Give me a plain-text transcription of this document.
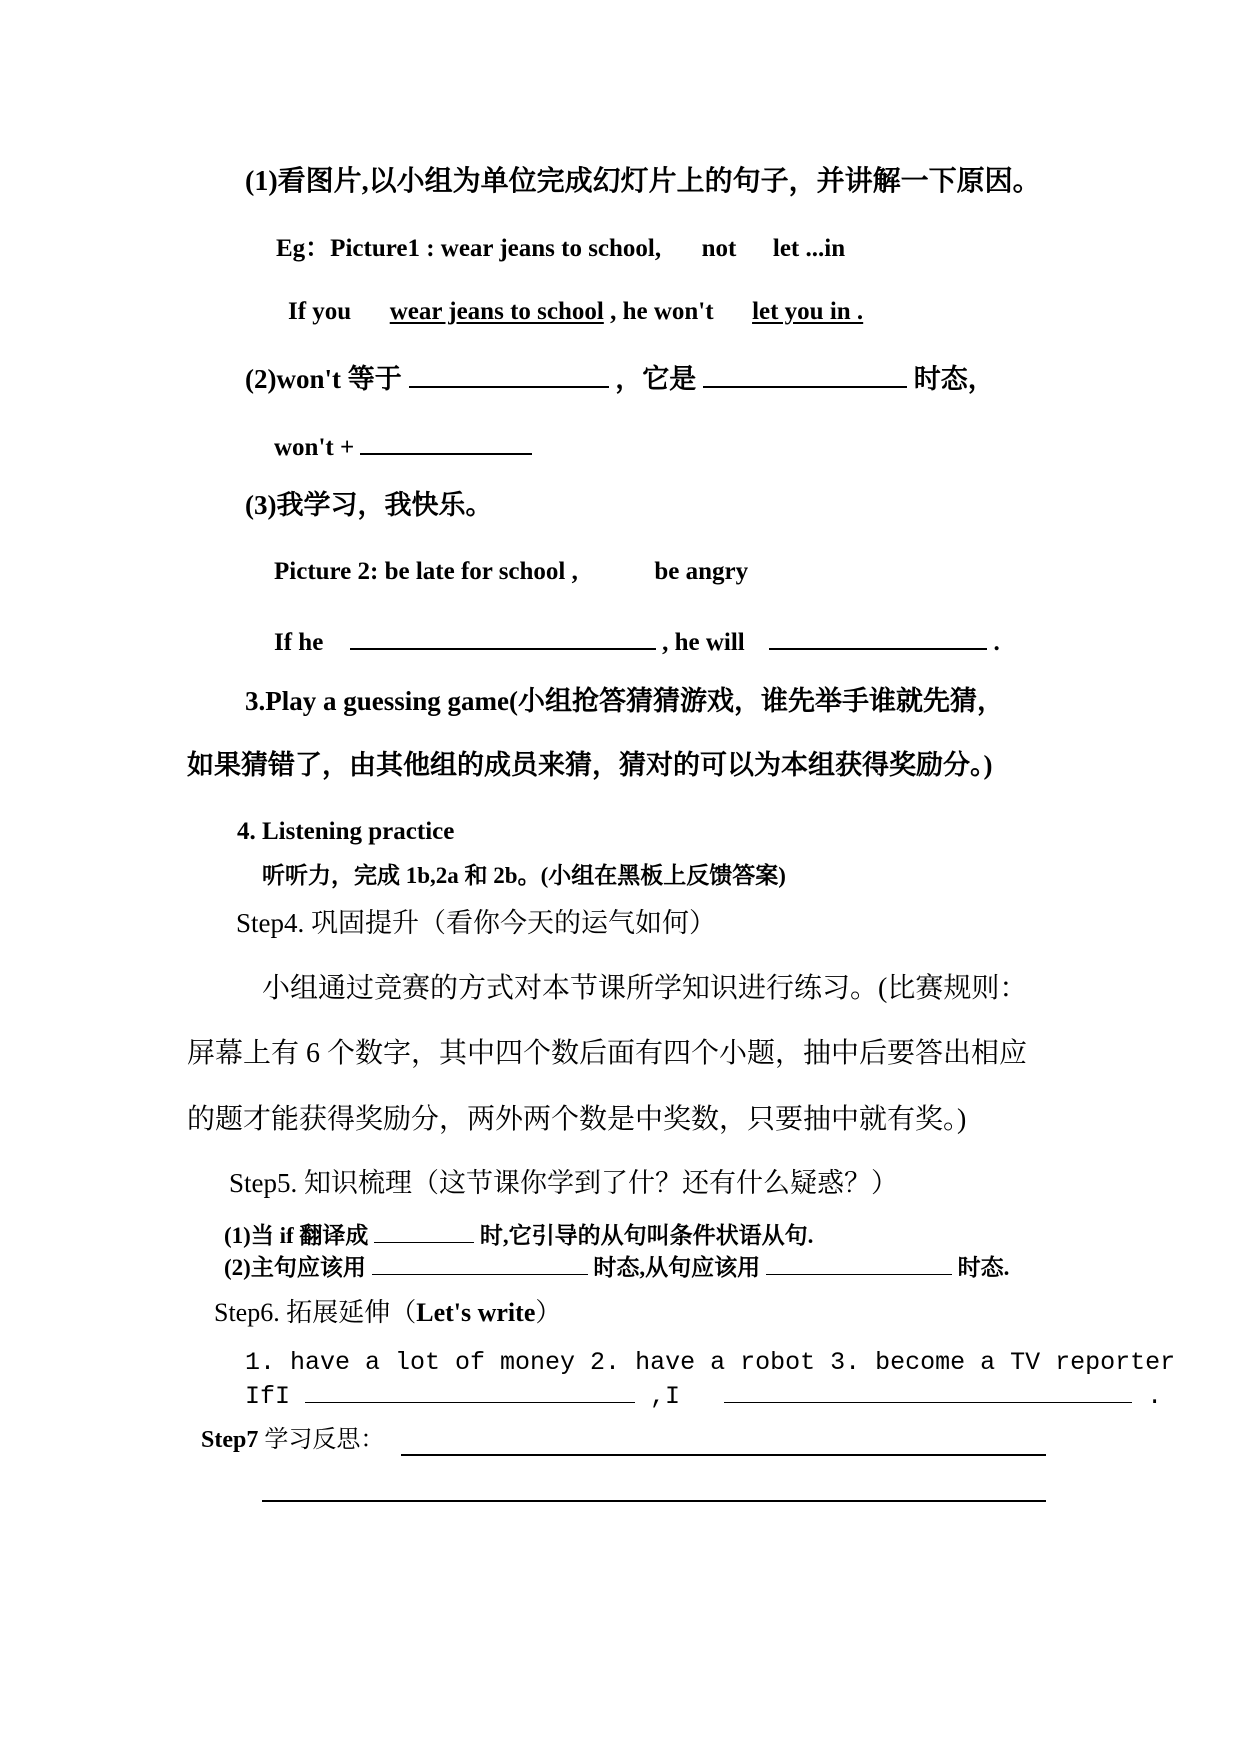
(1)看图片,以小组为单位完成幻灯片上的句子，并讲解一下原因。
Eg：Picture1 : wear jeans to school, not let ...in
If you wear jeans to school , he won't let you in .
(2)won't 等于	，它是	时态，
won't +
(3)我学习，我快乐。
Picture 2: be late for school ,	be angry
If he	, he will	.
3.Play a guessing game(小组抢答猜猜游戏，谁先举手谁就先猜，
如果猜错了，由其他组的成员来猜，猜对的可以为本组获得奖励分。)
4. Listening practice
听听力，完成 1b,2a 和 2b。(小组在黑板上反馈答案)
Step4. 巩固提升（看你今天的运气如何）
小组通过竞赛的方式对本节课所学知识进行练习。(比赛规则：
屏幕上有 6 个数字，其中四个数后面有四个小题，抽中后要答出相应
的题才能获得奖励分，两外两个数是中奖数，只要抽中就有奖。)
Step5. 知识梳理（这节课你学到了什？还有什么疑惑？）
(1)当 if 翻译成	时,它引导的从句叫条件状语从句.
(2)主句应该用	时态,从句应该用	时态.
Step6. 拓展延伸（Let's write）
1. have a lot of money 2. have a robot 3. become a TV reporter
IfI	,I	.
Step7 学习反思：
